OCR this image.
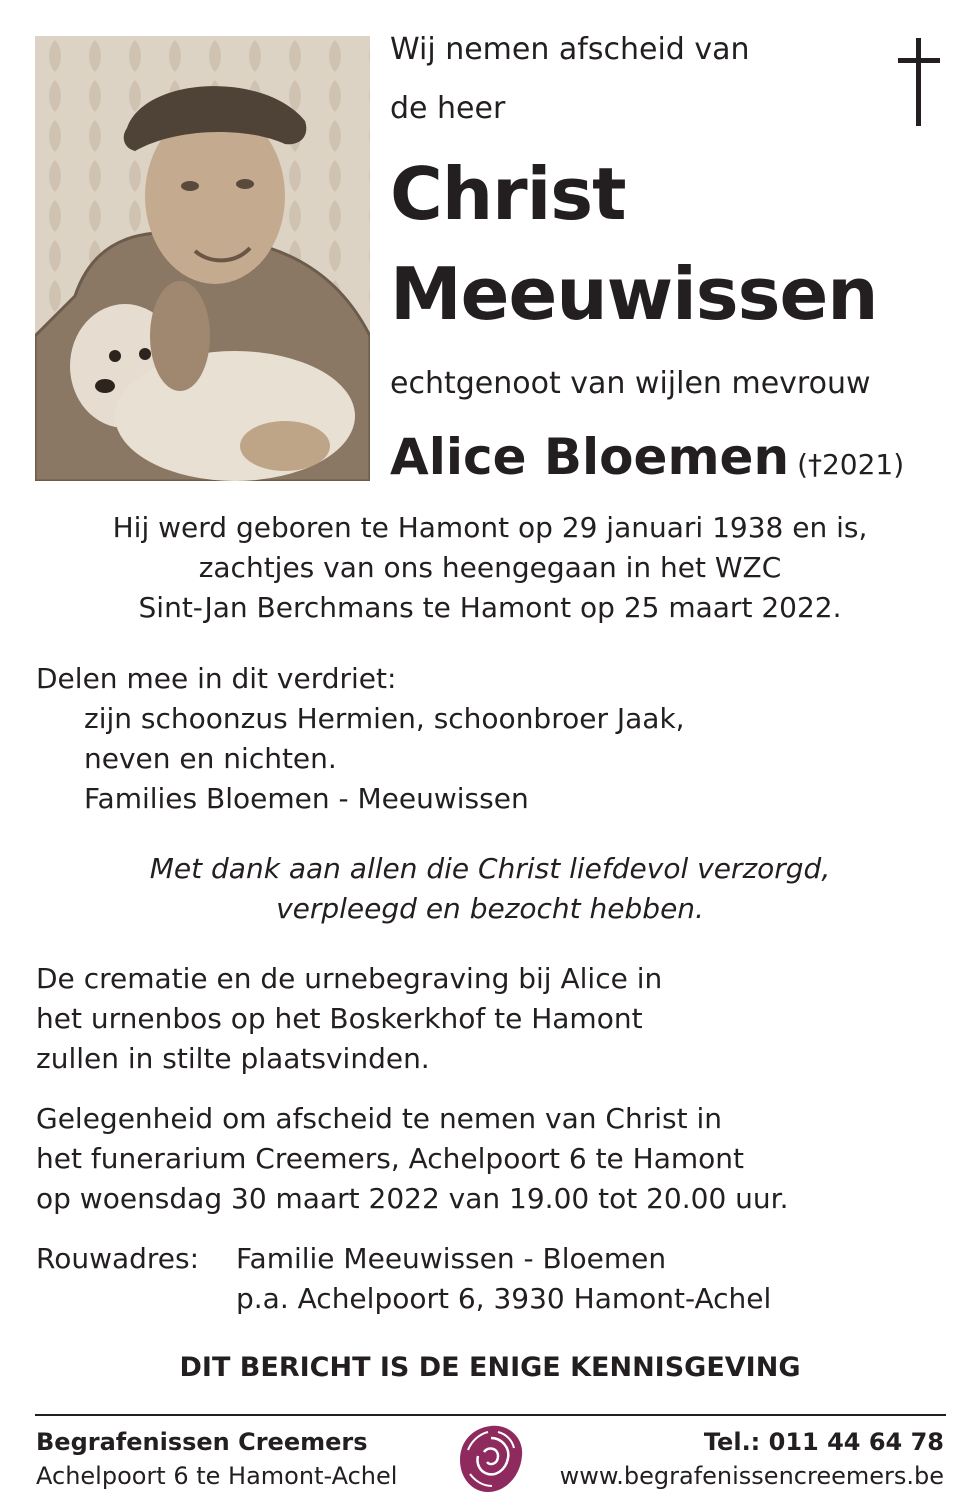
Wij nemen afscheid van
de heer
Christ
Meeuwissen
echtgenoot van wijlen mevrouw
Alice Bloemen (†2021)
Hij werd geboren te Hamont op 29 januari 1938 en is,
zachtjes van ons heengegaan in het WZC
Sint-Jan Berchmans te Hamont op 25 maart 2022.
Delen mee in dit verdriet:
zijn schoonzus Hermien, schoonbroer Jaak,
neven en nichten.
Families Bloemen - Meeuwissen
Met dank aan allen die Christ liefdevol verzorgd,
verpleegd en bezocht hebben.
De crematie en de urnebegraving bij Alice in
het urnenbos op het Boskerkhof te Hamont
zullen in stilte plaatsvinden.
Gelegenheid om afscheid te nemen van Christ in
het funerarium Creemers, Achelpoort 6 te Hamont
op woensdag 30 maart 2022 van 19.00 tot 20.00 uur.
Rouwadres: Familie Meeuwissen - Bloemen
p.a. Achelpoort 6, 3930 Hamont-Achel
DIT BERICHT IS DE ENIGE KENNISGEVING
Begrafenissen Creemers
Achelpoort 6 te Hamont-Achel
Tel.: 011 44 64 78
www.begrafenissencreemers.be
